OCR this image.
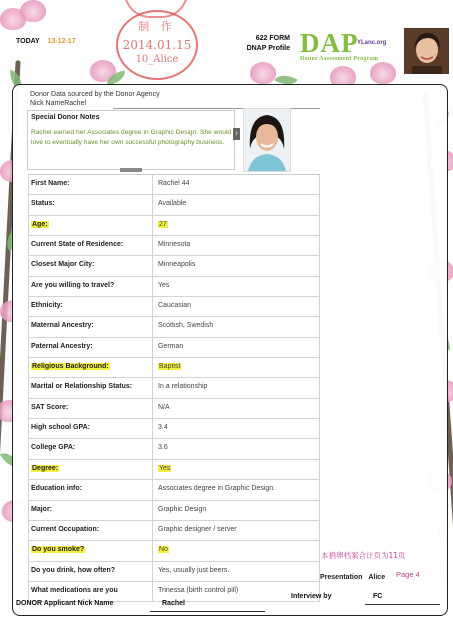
TODAY 13-12-17
制 作
2014.01.15
10_Alice
622 FORM
DNAP Profile DAP
YLanc.org
Donor Assessment Program
Donor Data sourced by the Donor Agency
Nick NameRachel
Special Donor Notes
Rachel earned her Associates degree in Graphic Design. She would love to eventually have her own successful photography business.
›
First Name:	Rachel 44
Status:	Available
Age:	27
Current State of Residence:	Minnesota
Closest Major City:	Minneapolis
Are you willing to travel?	Yes
Ethnicity:	Caucasian
Maternal Ancestry:	Scottish, Swedish
Paternal Ancestry:	German
Religious Background:	Baptist
Marital or Relationship Status:	In a relationship
SAT Score:	N/A
High school GPA:	3.4
College GPA:	3.6
Degree:	Yes
Education info:	Associates degree in Graphic Design.
Major:	Graphic Design
Current Occupation:	Graphic designer / server
Do you smoke?	No
Do you drink, how often?	Yes, usually just beers.
What medications are you	Trinessa (birth control pill)
本捐卵档案合计页为11页
Presentation Alice Page 4
DONOR Applicant Nick Name	Rachel
Interview by	FC
